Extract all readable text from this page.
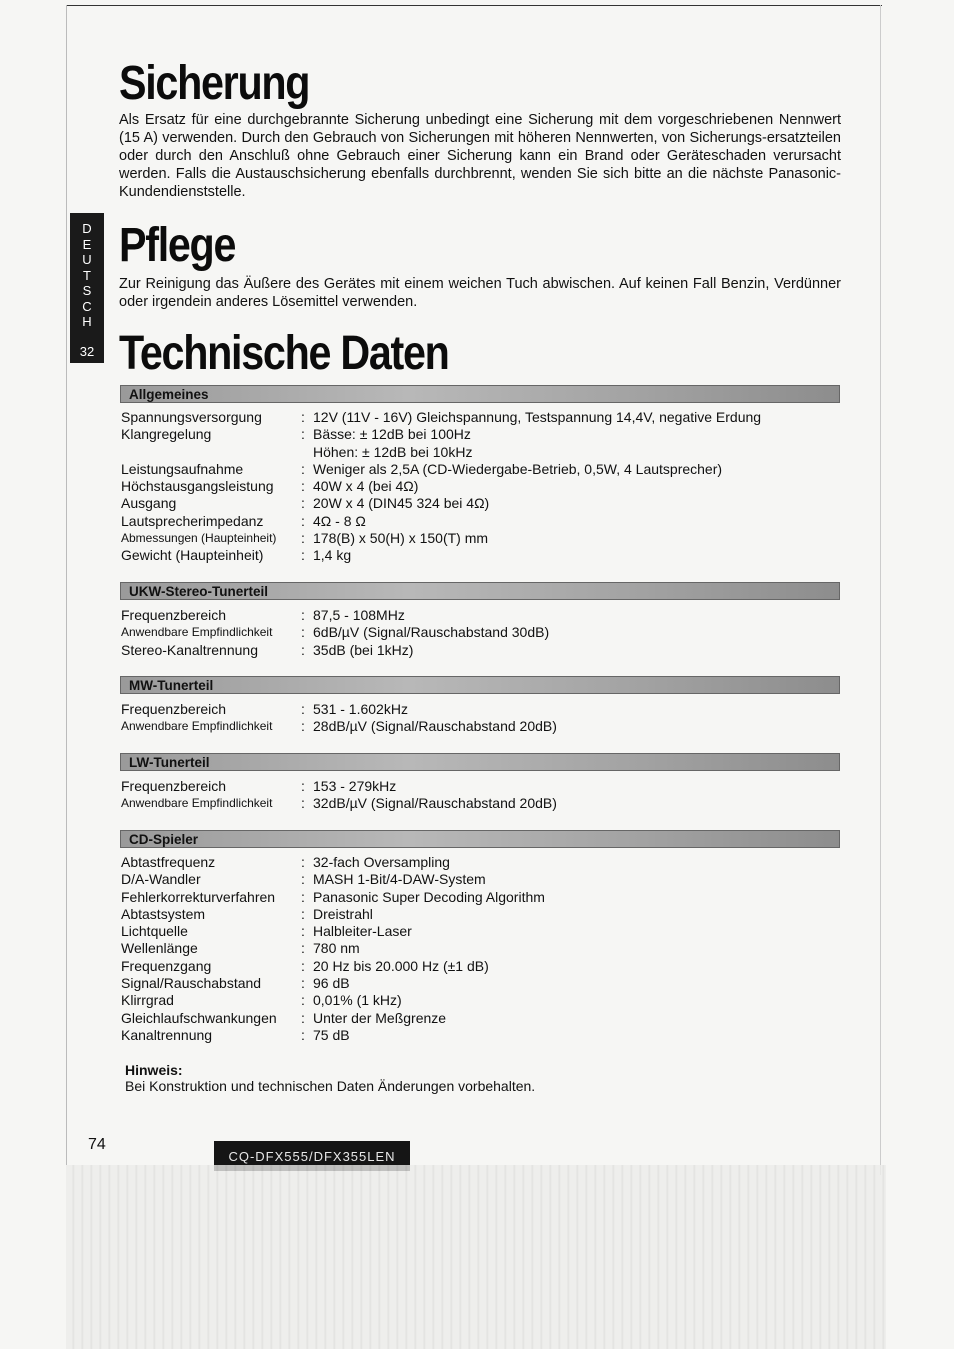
D
E
U
T
S
C
H
32
Sicherung

Als Ersatz für eine durchgebrannte Sicherung unbedingt eine Sicherung mit dem vorgeschriebenen Nennwert (15 A) verwenden. Durch den Gebrauch von Sicherungen mit höheren Nennwerten, von Sicherungs-ersatzteilen oder durch den Anschluß ohne Gebrauch einer Sicherung kann ein Brand oder Geräteschaden verursacht werden. Falls die Austauschsicherung ebenfalls durchbrennt, wenden Sie sich bitte an die nächste Panasonic-Kundendienststelle.

Pflege

Zur Reinigung das Äußere des Gerätes mit einem weichen Tuch abwischen. Auf keinen Fall Benzin, Verdünner oder irgendein anderes Lösemittel verwenden.

Technische Daten
Allgemeines
Spannungsversorgung	: 12V (11V - 16V) Gleichspannung, Testspannung 14,4V, negative Erdung
Klangregelung	: Bässe: ± 12dB bei 100Hz
Höhen: ± 12dB bei 10kHz
Leistungsaufnahme	: Weniger als 2,5A (CD-Wiedergabe-Betrieb, 0,5W, 4 Lautsprecher)
Höchstausgangsleistung	: 40W x 4 (bei 4Ω)
Ausgang	: 20W x 4 (DIN45 324 bei 4Ω)
Lautsprecherimpedanz	: 4Ω - 8 Ω
Abmessungen (Haupteinheit)	: 178(B) x 50(H) x 150(T) mm
Gewicht (Haupteinheit)	: 1,4 kg
UKW-Stereo-Tunerteil
Frequenzbereich	: 87,5 - 108MHz
Anwendbare Empfindlichkeit	: 6dB/µV (Signal/Rauschabstand 30dB)
Stereo-Kanaltrennung	: 35dB (bei 1kHz)
MW-Tunerteil
Frequenzbereich	: 531 - 1.602kHz
Anwendbare Empfindlichkeit	: 28dB/µV (Signal/Rauschabstand 20dB)
LW-Tunerteil
Frequenzbereich	: 153 - 279kHz
Anwendbare Empfindlichkeit	: 32dB/µV (Signal/Rauschabstand 20dB)
CD-Spieler
Abtastfrequenz	: 32-fach Oversampling
D/A-Wandler	: MASH 1-Bit/4-DAW-System
Fehlerkorrekturverfahren	: Panasonic Super Decoding Algorithm
Abtastsystem	: Dreistrahl
Lichtquelle	: Halbleiter-Laser
Wellenlänge	: 780 nm
Frequenzgang	: 20 Hz bis 20.000 Hz (±1 dB)
Signal/Rauschabstand	: 96 dB
Klirrgrad	: 0,01% (1 kHz)
Gleichlaufschwankungen	: Unter der Meßgrenze
Kanaltrennung	: 75 dB
Hinweis:
Bei Konstruktion und technischen Daten Änderungen vorbehalten.
74
CQ-DFX555/DFX355LEN
